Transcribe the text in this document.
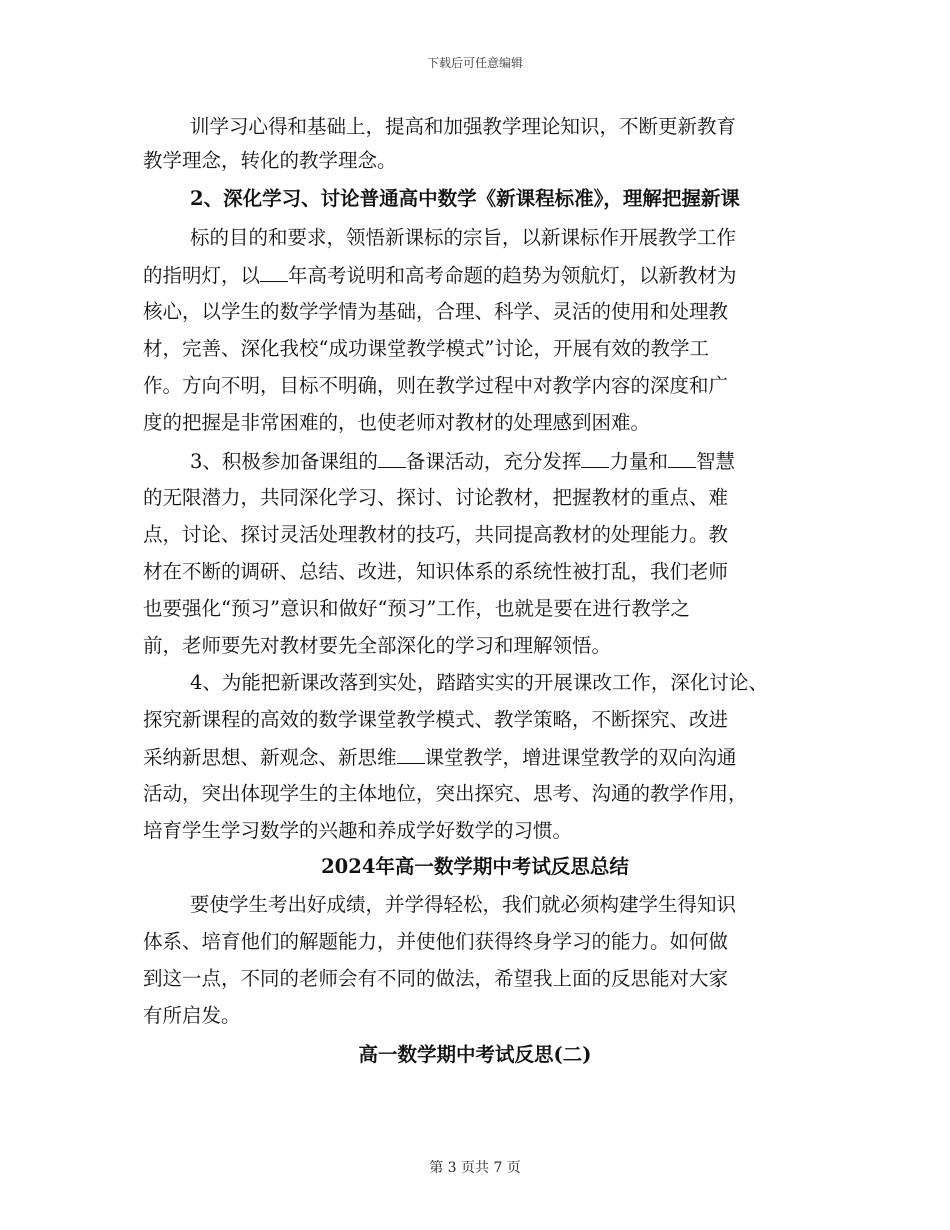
下载后可任意编辑
训学习心得和基础上，提高和加强教学理论知识，不断更新教育
教学理念，转化的教学理念。
2、深化学习、讨论普通高中数学《新课程标准》，理解把握新课
标的目的和要求，领悟新课标的宗旨，以新课标作开展教学工作
的指明灯，以 年高考说明和高考命题的趋势为领航灯，以新教材为
核心，以学生的数学学情为基础，合理、科学、灵活的使用和处理教
材，完善、深化我校“成功课堂教学模式”讨论，开展有效的教学工
作。方向不明，目标不明确，则在教学过程中对教学内容的深度和广
度的把握是非常困难的，也使老师对教材的处理感到困难。
3、积极参加备课组的 备课活动，充分发挥 力量和 智慧
的无限潜力，共同深化学习、探讨、讨论教材，把握教材的重点、难
点，讨论、探讨灵活处理教材的技巧，共同提高教材的处理能力。教
材在不断的调研、总结、改进，知识体系的系统性被打乱，我们老师
也要强化“预习”意识和做好“预习”工作，也就是要在进行教学之
前，老师要先对教材要先全部深化的学习和理解领悟。
4、为能把新课改落到实处，踏踏实实的开展课改工作，深化讨论、
探究新课程的高效的数学课堂教学模式、教学策略，不断探究、改进
采纳新思想、新观念、新思维 课堂教学，增进课堂教学的双向沟通
活动，突出体现学生的主体地位，突出探究、思考、沟通的教学作用，
培育学生学习数学的兴趣和养成学好数学的习惯。
2024年高一数学期中考试反思总结
要使学生考出好成绩，并学得轻松，我们就必须构建学生得知识
体系、培育他们的解题能力，并使他们获得终身学习的能力。如何做
到这一点，不同的老师会有不同的做法，希望我上面的反思能对大家
有所启发。
高一数学期中考试反思(二)
第 3 页共 7 页
